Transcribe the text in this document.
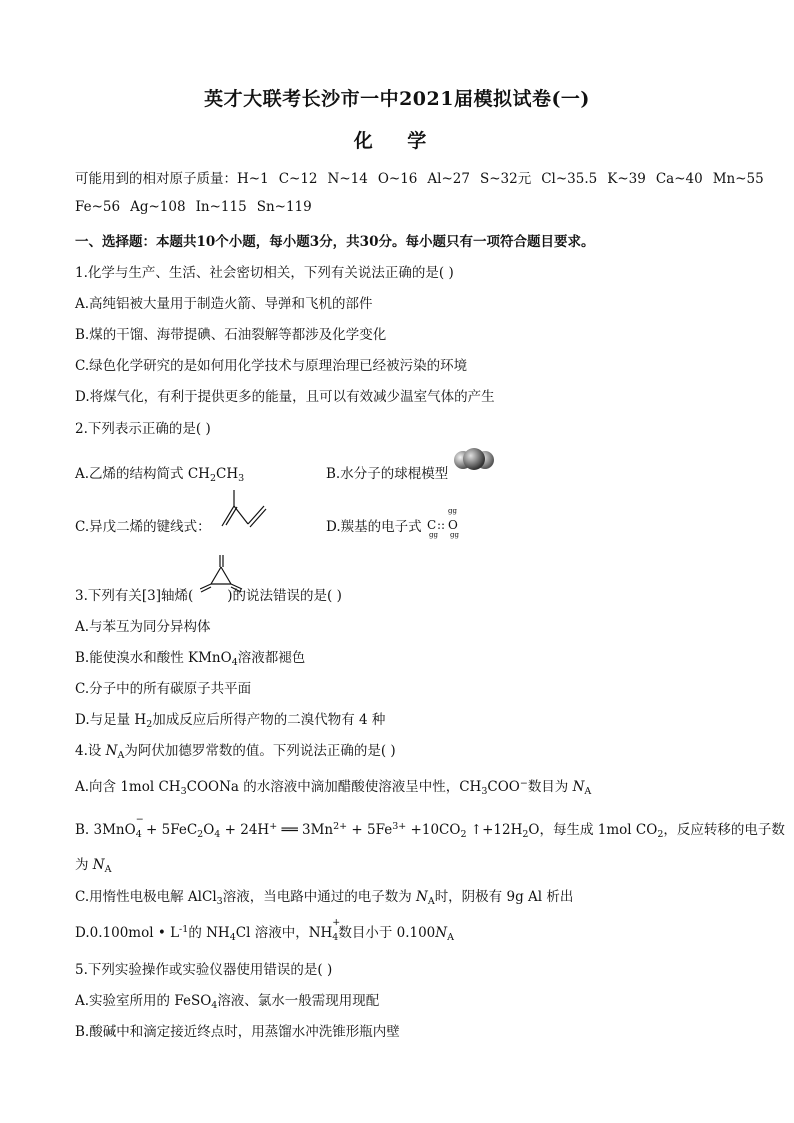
英才大联考长沙市一中2021届模拟试卷(一)
化 学
可能用到的相对原子质量：H~1 C~12 N~14 O~16 Al~27 S~32元 Cl~35.5 K~39 Ca~40 Mn~55
Fe~56 Ag~108 In~115 Sn~119
一、选择题：本题共10个小题，每小题3分，共30分。每小题只有一项符合题目要求。
1.化学与生产、生活、社会密切相关，下列有关说法正确的是( )
A.高纯铝被大量用于制造火箭、导弹和飞机的部件
B.煤的干馏、海带提碘、石油裂解等都涉及化学变化
C.绿色化学研究的是如何用化学技术与原理治理已经被污染的环境
D.将煤气化，有利于提供更多的能量，且可以有效减少温室气体的产生
2.下列表示正确的是( )
A.乙烯的结构简式 $CH_2CH_3$	B.水分子的球棍模型
C.异戊二烯的键线式：	D.羰基的电子式 C :: O
gg
gg gg
3.下列有关[3]轴烯(	)的说法错误的是( )
A.与苯互为同分异构体
B.能使溴水和酸性 KMnO$_4$溶液都褪色
C.分子中的所有碳原子共平面
D.与足量 $H_2$加成反应后所得产物的二溴代物有 4 种
4.设 $N_A$为阿伏加德罗常数的值。下列说法正确的是( )
A.向含 1mol $CH_3COONa$ 的水溶液中滴加醋酸使溶液呈中性，$CH_3COO^-$数目为 $N_A$
B. 3MnO
−
$_4 + 5FeC_2O_4 + 24H^+$ ══ $3Mn^{2+} + 5Fe^{3+} +10CO_2$ $↑+12H_2O$，每生成 1mol $CO_2$，反应转移的电子数
为 $N_A$
C.用惰性电极电解 AlCl$_3$溶液，当电路中通过的电子数为 $N_A$时，阴极有 9g Al 析出
D.0.100mol • $L^{-1}$的 $NH_4Cl$ 溶液中，NH
+
$_4$数目小于 $0.100N_A$
5.下列实验操作或实验仪器使用错误的是( )
A.实验室所用的 FeSO$_4$溶液、氯水一般需现用现配
B.酸碱中和滴定接近终点时，用蒸馏水冲洗锥形瓶内壁
